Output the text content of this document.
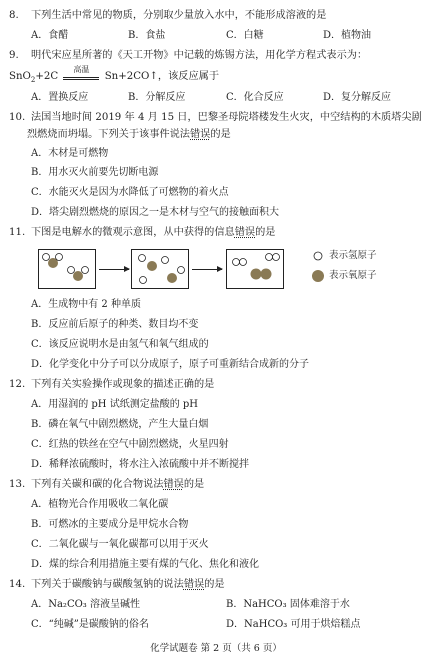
8. 下列生活中常见的物质，分别取少量放入水中，不能形成溶液的是
A．食醋	B．食盐	C．白糖	D．植物油
9. 明代宋应星所著的《天工开物》中记载的炼锡方法，用化学方程式表示为：
SnO$_2$+2C
高温
Sn+2CO↑，该反应属于
A．置换反应	B．分解反应	C．化合反应	D．复分解反应
10. 法国当地时间 2019 年 4 月 15 日，巴黎圣母院塔楼发生火灾，中空结构的木质塔尖剧
烈燃烧而坍塌。下列关于该事件说法错误的是
A．木材是可燃物
B．用水灭火前要先切断电源
C．水能灭火是因为水降低了可燃物的着火点
D．塔尖剧烈燃烧的原因之一是木材与空气的接触面积大
11. 下图是电解水的微观示意图，从中获得的信息错误的是
表示氢原子
表示氧原子
A．生成物中有 2 种单质
B．反应前后原子的种类、数目均不变
C．该反应说明水是由氢气和氧气组成的
D．化学变化中分子可以分成原子，原子可重新结合成新的分子
12. 下列有关实验操作或现象的描述正确的是
A．用湿润的 pH 试纸测定盐酸的 pH
B．磷在氧气中剧烈燃烧，产生大量白烟
C．红热的铁丝在空气中剧烈燃烧，火星四射
D．稀释浓硫酸时，将水注入浓硫酸中并不断搅拌
13. 下列有关碳和碳的化合物说法错误的是
A．植物光合作用吸收二氧化碳
B．可燃冰的主要成分是甲烷水合物
C．二氧化碳与一氧化碳都可以用于灭火
D．煤的综合利用措施主要有煤的气化、焦化和液化
14. 下列关于碳酸钠与碳酸氢钠的说法错误的是
A．Na₂CO₃ 溶液呈碱性	B．NaHCO₃ 固体难溶于水
C．“纯碱”是碳酸钠的俗名	D．NaHCO₃ 可用于烘焙糕点
化学试题卷 第 2 页（共 6 页）
